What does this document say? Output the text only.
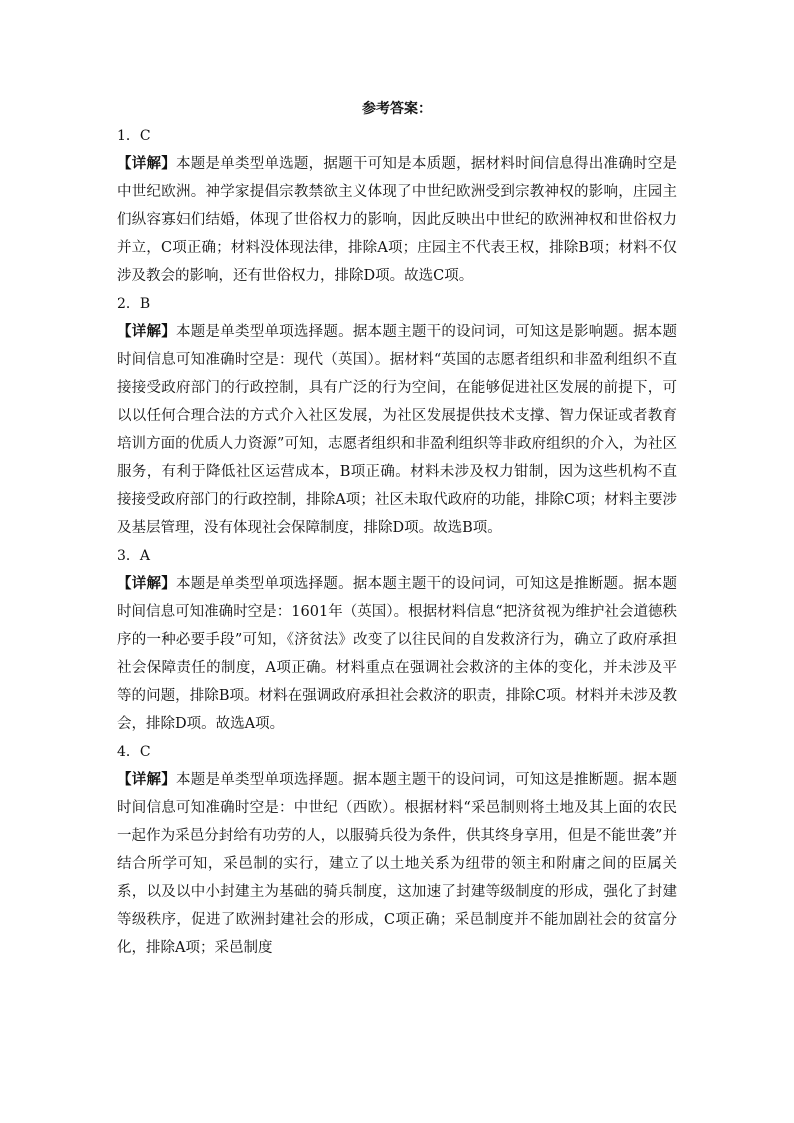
参考答案：

1．C

【详解】本题是单类型单选题，据题干可知是本质题，据材料时间信息得出准确时空是中世纪欧洲。神学家提倡宗教禁欲主义体现了中世纪欧洲受到宗教神权的影响，庄园主们纵容寡妇们结婚，体现了世俗权力的影响，因此反映出中世纪的欧洲神权和世俗权力并立，C项正确；材料没体现法律，排除A项；庄园主不代表王权，排除B项；材料不仅涉及教会的影响，还有世俗权力，排除D项。故选C项。

2．B

【详解】本题是单类型单项选择题。据本题主题干的设问词，可知这是影响题。据本题时间信息可知准确时空是：现代（英国）。据材料“英国的志愿者组织和非盈利组织不直接接受政府部门的行政控制，具有广泛的行为空间，在能够促进社区发展的前提下，可以以任何合理合法的方式介入社区发展，为社区发展提供技术支撑、智力保证或者教育培训方面的优质人力资源”可知，志愿者组织和非盈利组织等非政府组织的介入，为社区服务，有利于降低社区运营成本，B项正确。材料未涉及权力钳制，因为这些机构不直接接受政府部门的行政控制，排除A项；社区未取代政府的功能，排除C项；材料主要涉及基层管理，没有体现社会保障制度，排除D项。故选B项。

3．A

【详解】本题是单类型单项选择题。据本题主题干的设问词，可知这是推断题。据本题时间信息可知准确时空是：1601年（英国）。根据材料信息“把济贫视为维护社会道德秩序的一种必要手段”可知，《济贫法》改变了以往民间的自发救济行为，确立了政府承担社会保障责任的制度，A项正确。材料重点在强调社会救济的主体的变化，并未涉及平等的问题，排除B项。材料在强调政府承担社会救济的职责，排除C项。材料并未涉及教会，排除D项。故选A项。

4．C

【详解】本题是单类型单项选择题。据本题主题干的设问词，可知这是推断题。据本题时间信息可知准确时空是：中世纪（西欧）。根据材料“采邑制则将土地及其上面的农民一起作为采邑分封给有功劳的人，以服骑兵役为条件，供其终身享用，但是不能世袭”并结合所学可知，采邑制的实行，建立了以土地关系为纽带的领主和附庸之间的臣属关系，以及以中小封建主为基础的骑兵制度，这加速了封建等级制度的形成，强化了封建等级秩序，促进了欧洲封建社会的形成，C项正确；采邑制度并不能加剧社会的贫富分化，排除A项；采邑制度
